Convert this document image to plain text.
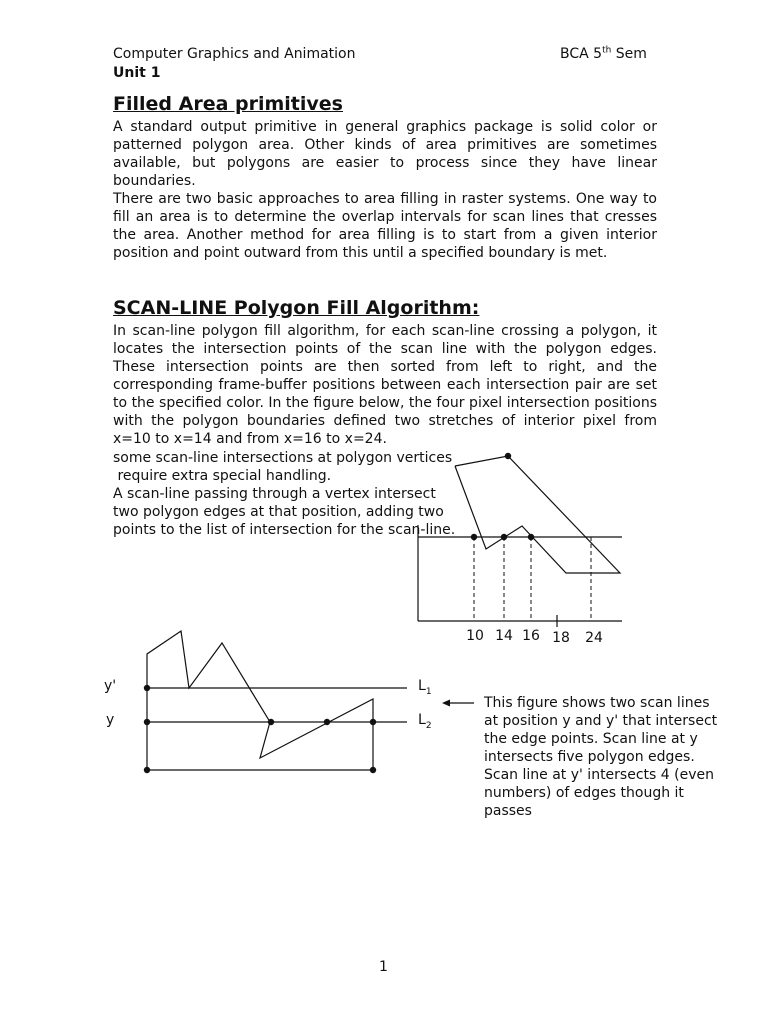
Computer Graphics and Animation	BCA 5th Sem
Unit 1
Filled Area primitives
A standard output primitive in general graphics package is solid color or patterned polygon area. Other kinds of area primitives are sometimes available, but polygons are easier to process since they have linear boundaries.
There are two basic approaches to area filling in raster systems. One way to fill an area is to determine the overlap intervals for scan lines that cresses the area. Another method for area filling is to start from a given interior position and point outward from this until a specified boundary is met.
SCAN-LINE Polygon Fill Algorithm:
In scan-line polygon fill algorithm, for each scan-line crossing a polygon, it locates the intersection points of the scan line with the polygon edges. These intersection points are then sorted from left to right, and the corresponding frame-buffer positions between each intersection pair are set to the specified color. In the figure below, the four pixel intersection positions with the polygon boundaries defined two stretches of interior pixel from x=10 to x=14 and from x=16 to x=24.
some scan-line intersections at polygon vertices
require extra special handling.
A scan-line passing through a vertex intersect
two polygon edges at that position, adding two
points to the list of intersection for the scan-line.
10 14 16 18 24
y'
y
$L_1$
$L_2$
This figure shows two scan lines at position y and y' that intersect the edge points. Scan line at y intersects five polygon edges. Scan line at y' intersects 4 (even numbers) of edges though it passes
1
